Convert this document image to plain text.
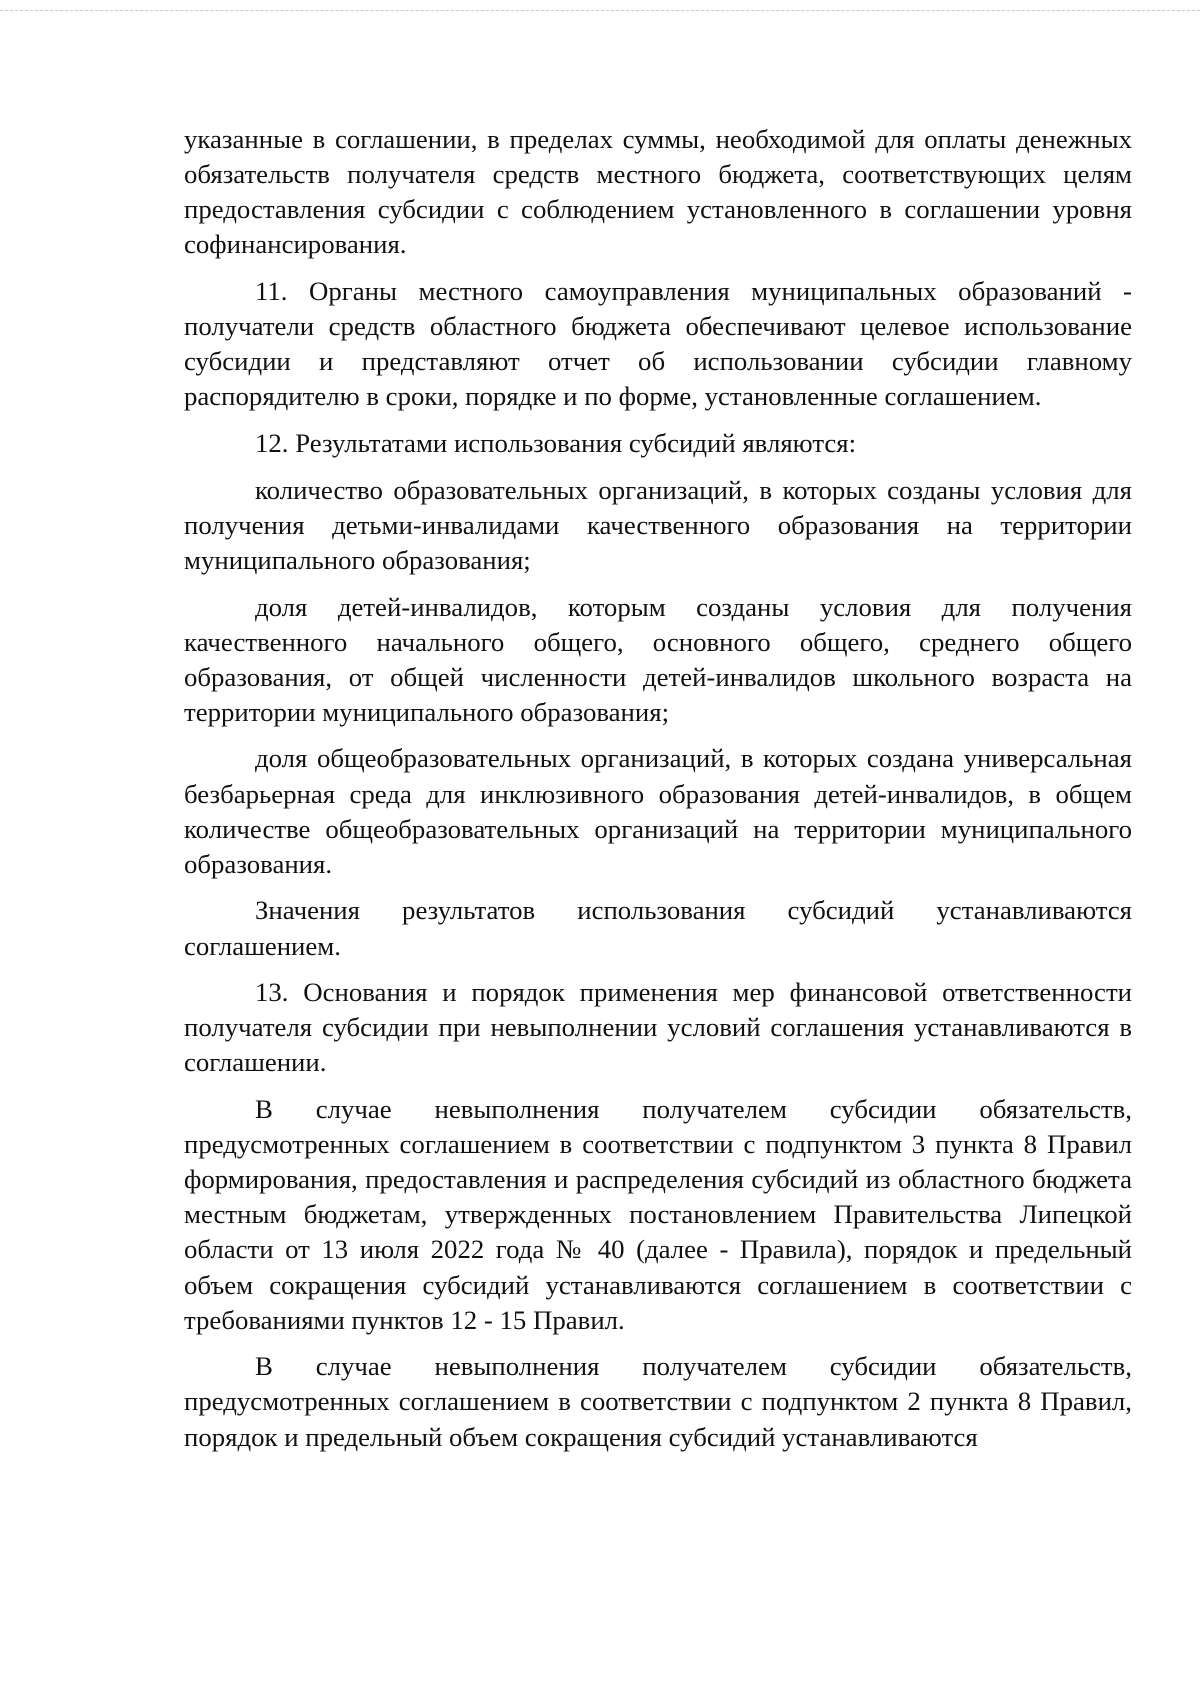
указанные в соглашении, в пределах суммы, необходимой для оплаты денежных обязательств получателя средств местного бюджета, соответствующих целям предоставления субсидии с соблюдением установленного в соглашении уровня софинансирования.

11. Органы местного самоуправления муниципальных образований - получатели средств областного бюджета обеспечивают целевое использование субсидии и представляют отчет об использовании субсидии главному распорядителю в сроки, порядке и по форме, установленные соглашением.

12. Результатами использования субсидий являются:

количество образовательных организаций, в которых созданы условия для получения детьми-инвалидами качественного образования на территории муниципального образования;

доля детей-инвалидов, которым созданы условия для получения качественного начального общего, основного общего, среднего общего образования, от общей численности детей-инвалидов школьного возраста на территории муниципального образования;

доля общеобразовательных организаций, в которых создана универсальная безбарьерная среда для инклюзивного образования детей-инвалидов, в общем количестве общеобразовательных организаций на территории муниципального образования.

Значения результатов использования субсидий устанавливаются соглашением.

13. Основания и порядок применения мер финансовой ответственности получателя субсидии при невыполнении условий соглашения устанавливаются в соглашении.

В случае невыполнения получателем субсидии обязательств, предусмотренных соглашением в соответствии с подпунктом 3 пункта 8 Правил формирования, предоставления и распределения субсидий из областного бюджета местным бюджетам, утвержденных постановлением Правительства Липецкой области от 13 июля 2022 года № 40 (далее - Правила), порядок и предельный объем сокращения субсидий устанавливаются соглашением в соответствии с требованиями пунктов 12 - 15 Правил.

В случае невыполнения получателем субсидии обязательств, предусмотренных соглашением в соответствии с подпунктом 2 пункта 8 Правил, порядок и предельный объем сокращения субсидий устанавливаются
